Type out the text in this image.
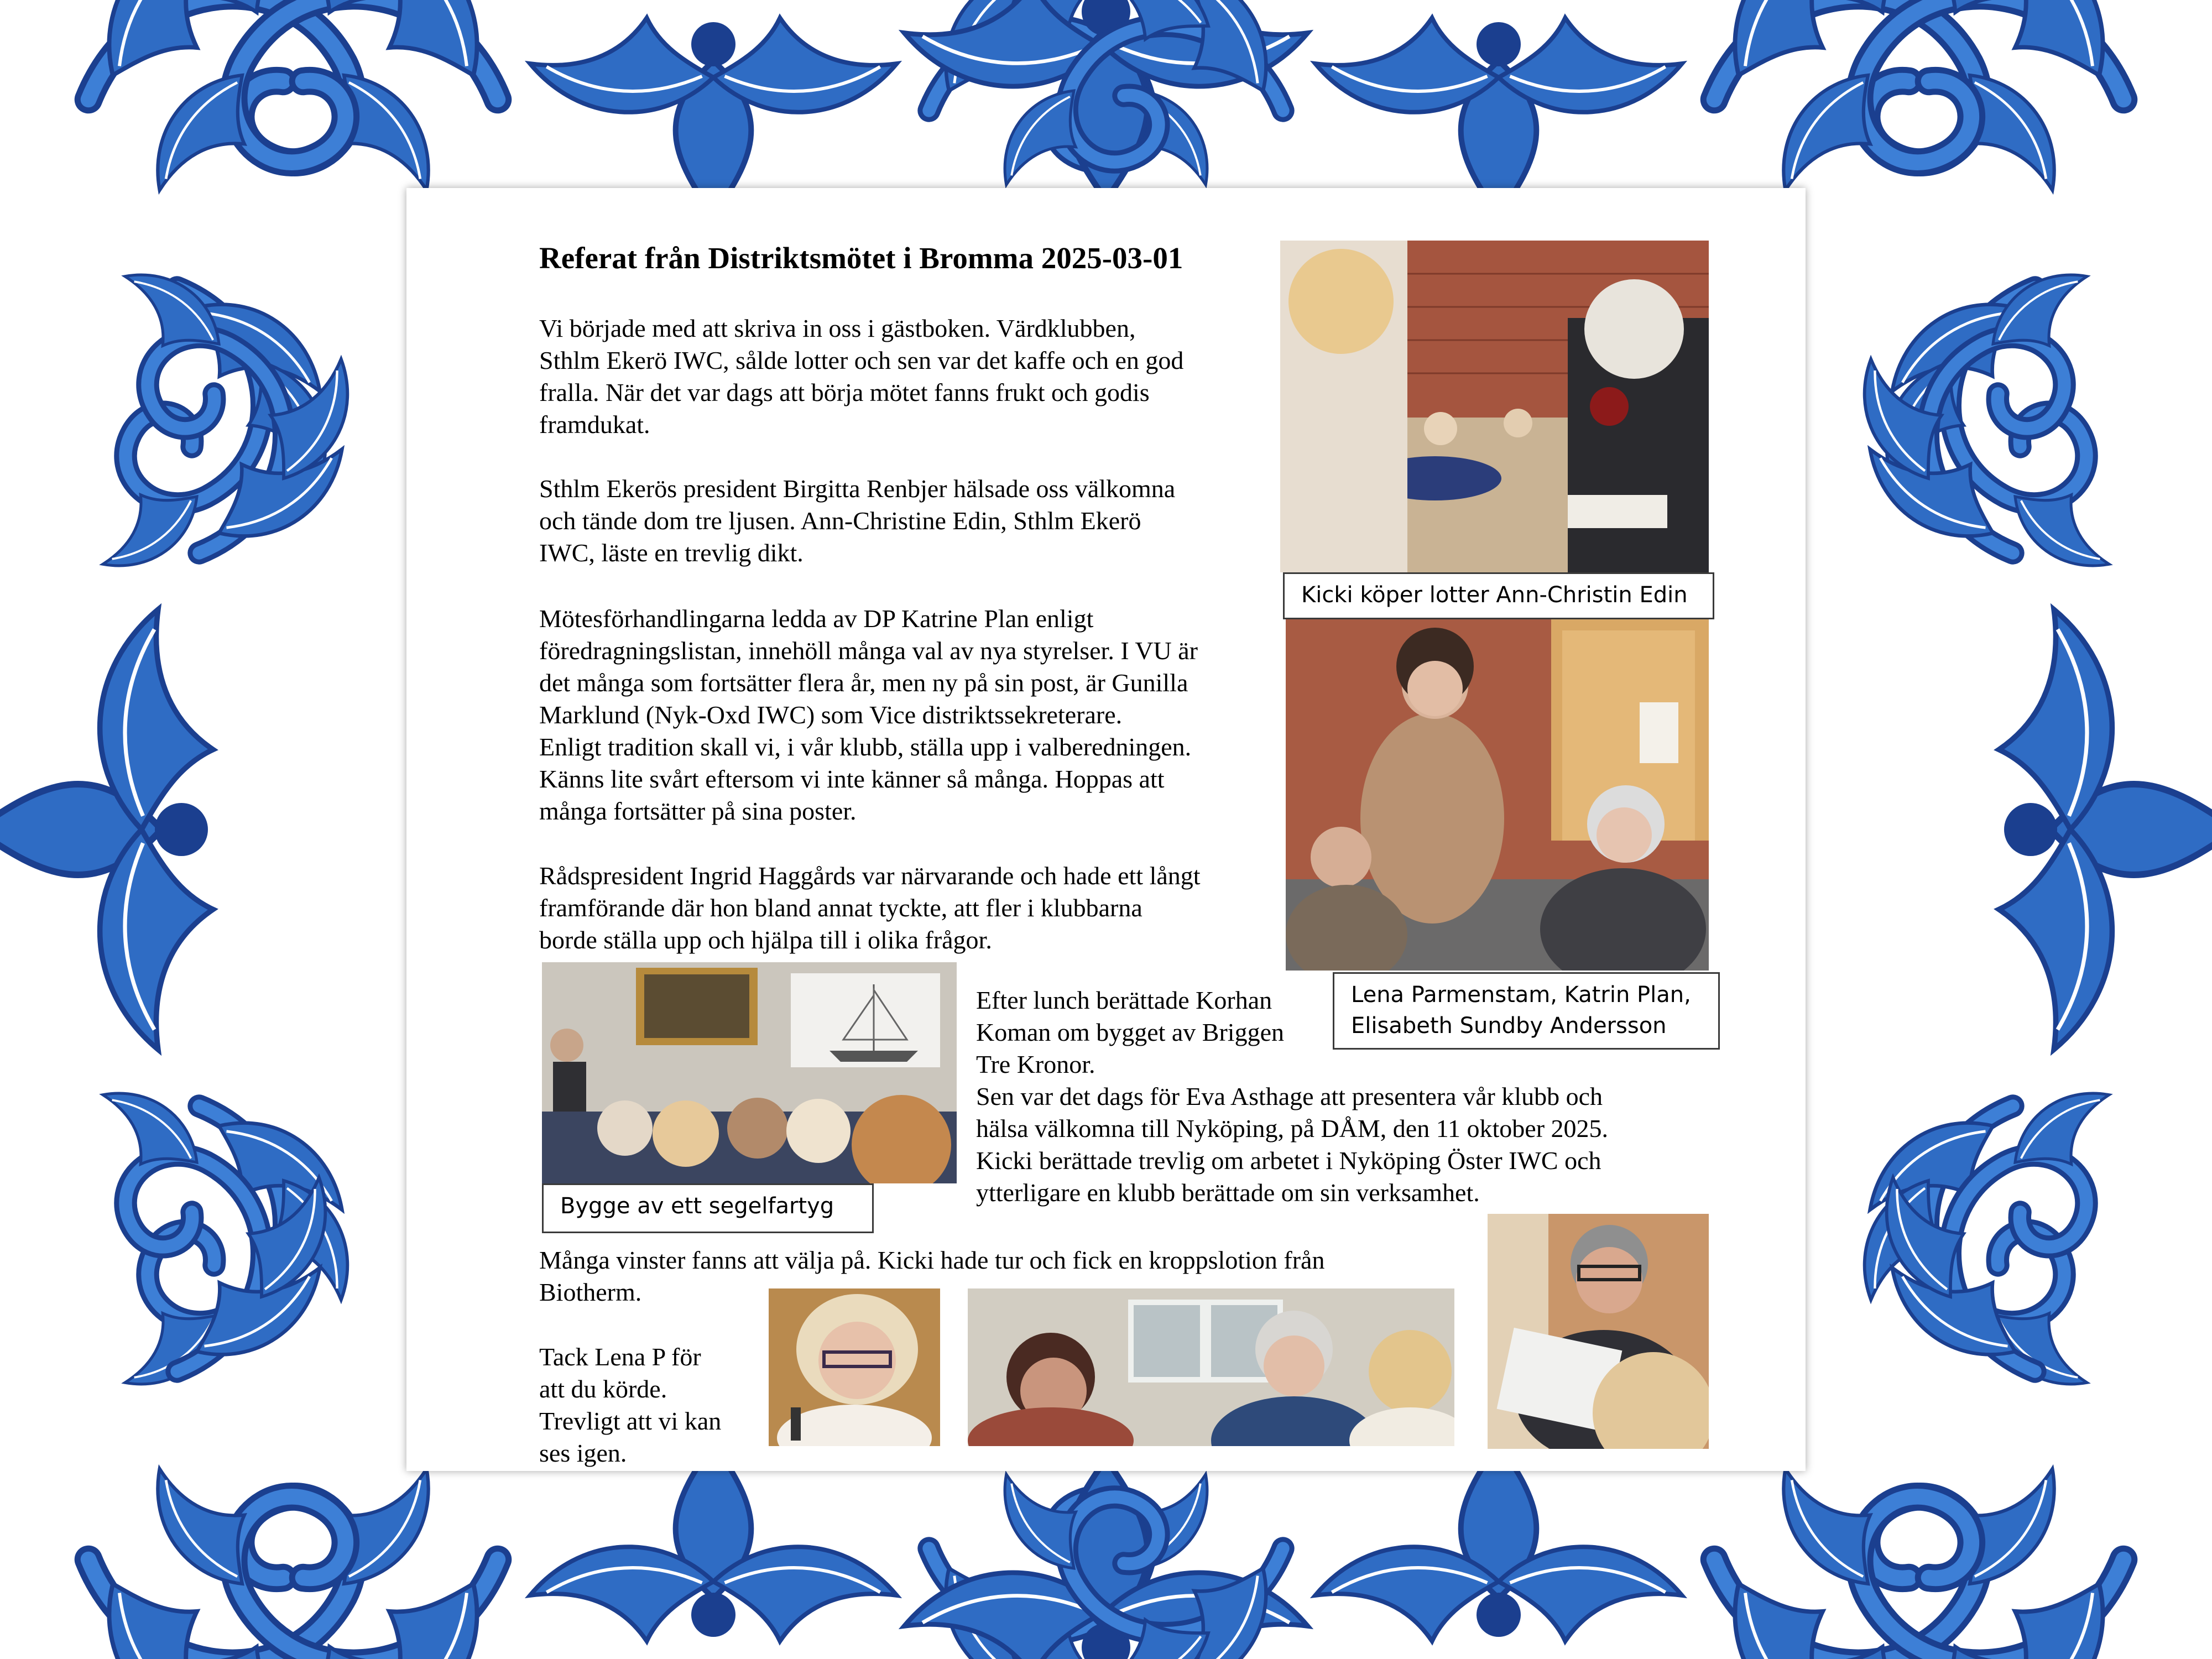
Referat från Distriktsmötet i Bromma 2025-03-01
Vi började med att skriva in oss i gästboken. Värdklubben,
Sthlm Ekerö IWC, sålde lotter och sen var det kaffe och en god
fralla. När det var dags att börja mötet fanns frukt och godis
framdukat.
Sthlm Ekerös president Birgitta Renbjer hälsade oss välkomna
och tände dom tre ljusen. Ann-Christine Edin, Sthlm Ekerö
IWC, läste en trevlig dikt.
Mötesförhandlingarna ledda av DP Katrine Plan enligt
föredragningslistan, innehöll många val av nya styrelser. I VU är
det många som fortsätter flera år, men ny på sin post, är Gunilla
Marklund (Nyk-Oxd IWC) som Vice distriktssekreterare.
Enligt tradition skall vi, i vår klubb, ställa upp i valberedningen.
Känns lite svårt eftersom vi inte känner så många. Hoppas att
många fortsätter på sina poster.
Rådspresident Ingrid Haggårds var närvarande och hade ett långt
framförande där hon bland annat tyckte, att fler i klubbarna
borde ställa upp och hjälpa till i olika frågor.
Efter lunch berättade Korhan
Koman om bygget av Briggen
Tre Kronor.
Sen var det dags för Eva Asthage att presentera vår klubb och
hälsa välkomna till Nyköping, på DÅM, den 11 oktober 2025.
Kicki berättade trevlig om arbetet i Nyköping Öster IWC och
ytterligare en klubb berättade om sin verksamhet.
Många vinster fanns att välja på. Kicki hade tur och fick en kroppslotion från
Biotherm.
Tack Lena P för
att du körde.
Trevligt att vi kan
ses igen.
Kicki köper lotter Ann-Christin Edin
Lena Parmenstam, Katrin Plan,
Elisabeth Sundby Andersson
Bygge av ett segelfartyg
